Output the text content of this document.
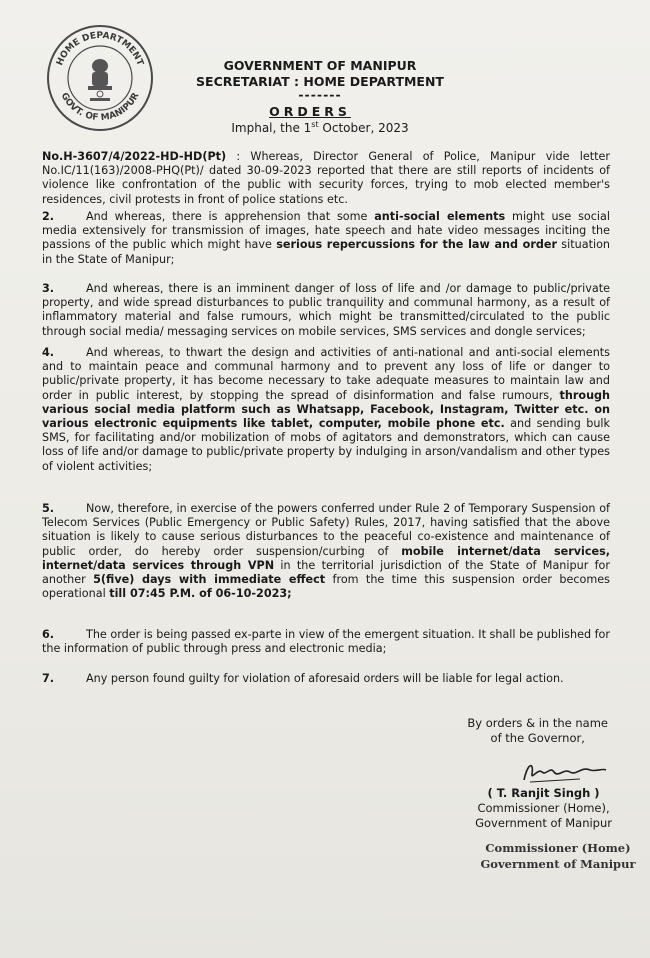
HOME DEPARTMENT
GOVT. OF MANIPUR
GOVERNMENT OF MANIPUR
SECRETARIAT : HOME DEPARTMENT
-------
ORDERS
Imphal, the 1st October, 2023
No.H-3607/4/2022-HD-HD(Pt) : Whereas, Director General of Police, Manipur vide letter No.IC/11(163)/2008-PHQ(Pt)/ dated 30-09-2023 reported that there are still reports of incidents of violence like confrontation of the public with security forces, trying to mob elected member's residences, civil protests in front of police stations etc.
2.	And whereas, there is apprehension that some anti-social elements might use social media extensively for transmission of images, hate speech and hate video messages inciting the passions of the public which might have serious repercussions for the law and order situation in the State of Manipur;
3.	And whereas, there is an imminent danger of loss of life and /or damage to public/private property, and wide spread disturbances to public tranquility and communal harmony, as a result of inflammatory material and false rumours, which might be transmitted/circulated to the public through social media/ messaging services on mobile services, SMS services and dongle services;
4.	And whereas, to thwart the design and activities of anti-national and anti-social elements and to maintain peace and communal harmony and to prevent any loss of life or danger to public/private property, it has become necessary to take adequate measures to maintain law and order in public interest, by stopping the spread of disinformation and false rumours, through various social media platform such as Whatsapp, Facebook, Instagram, Twitter etc. on various electronic equipments like tablet, computer, mobile phone etc. and sending bulk SMS, for facilitating and/or mobilization of mobs of agitators and demonstrators, which can cause loss of life and/or damage to public/private property by indulging in arson/vandalism and other types of violent activities;
5.	Now, therefore, in exercise of the powers conferred under Rule 2 of Temporary Suspension of Telecom Services (Public Emergency or Public Safety) Rules, 2017, having satisfied that the above situation is likely to cause serious disturbances to the peaceful co-existence and maintenance of public order, do hereby order suspension/curbing of mobile internet/data services, internet/data services through VPN in the territorial jurisdiction of the State of Manipur for another 5(five) days with immediate effect from the time this suspension order becomes operational till 07:45 P.M. of 06-10-2023;
6.	The order is being passed ex-parte in view of the emergent situation. It shall be published for the information of public through press and electronic media;
7.	Any person found guilty for violation of aforesaid orders will be liable for legal action.
By orders & in the name
of the Governor,
( T. Ranjit Singh )
Commissioner (Home),
Government of Manipur
Commissioner (Home)
Government of Manipur
